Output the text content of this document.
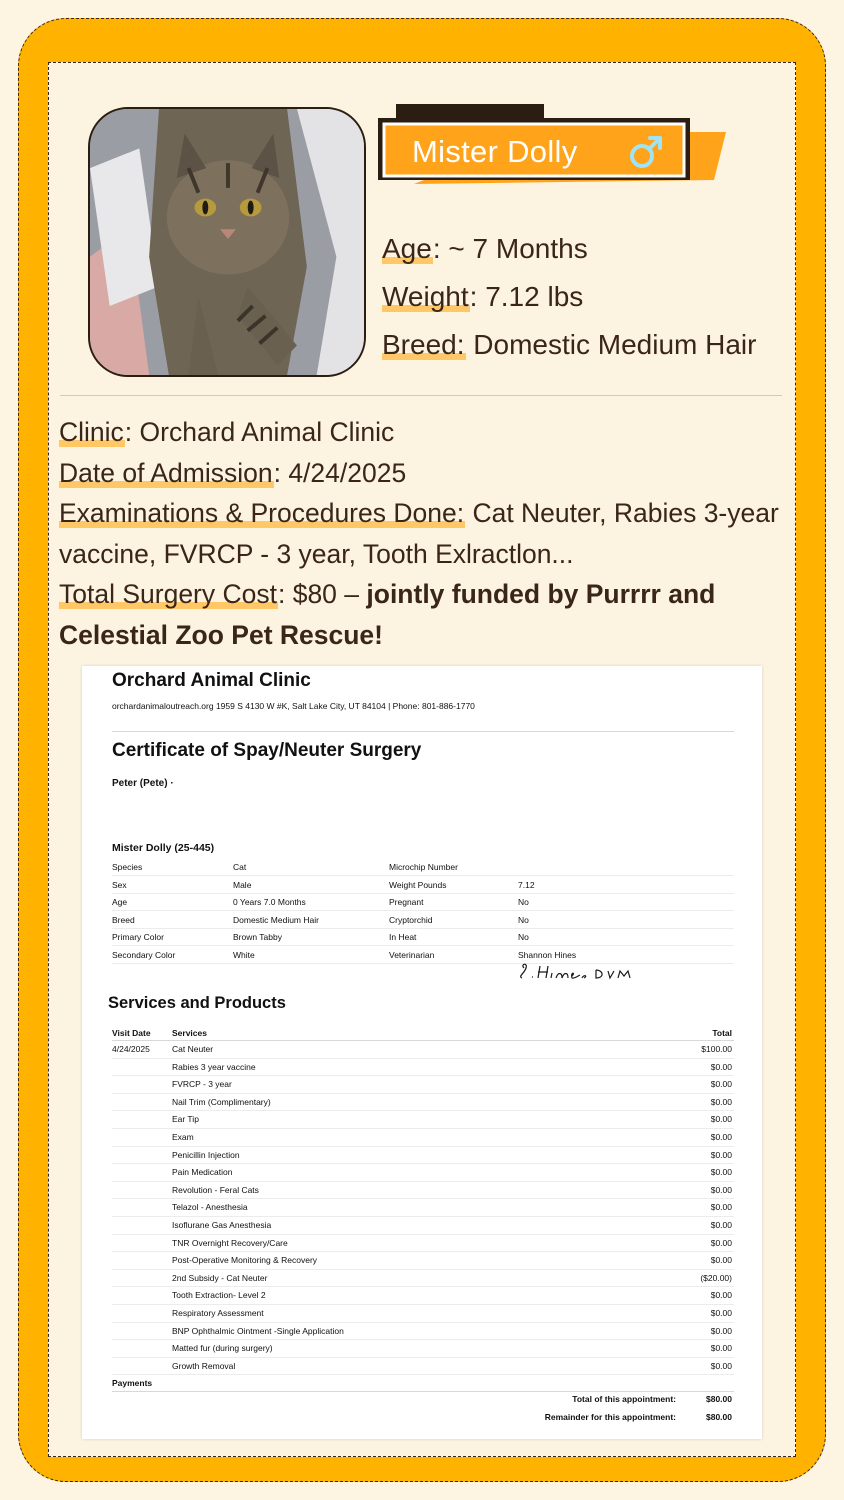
Mister Dolly
Age: ~ 7 Months
Weight: 7.12 lbs
Breed: Domestic Medium Hair
Clinic: Orchard Animal Clinic
Date of Admission: 4/24/2025
Examinations & Procedures Done: Cat Neuter, Rabies 3-year vaccine, FVRCP - 3 year, Tooth Exlractlon...
Total Surgery Cost: $80 – jointly funded by Purrrr and Celestial Zoo Pet Rescue!
Orchard Animal Clinic
orchardanimaloutreach.org 1959 S 4130 W #K, Salt Lake City, UT 84104 | Phone: 801-886-1770
Certificate of Spay/Neuter Surgery
Peter (Pete) ·
Mister Dolly (25-445)
Species	Cat	Microchip Number
Sex	Male	Weight Pounds	7.12
Age	0 Years 7.0 Months	Pregnant	No
Breed	Domestic Medium Hair	Cryptorchid	No
Primary Color	Brown Tabby	In Heat	No
Secondary Color	White	Veterinarian	Shannon Hines
Services and Products
Visit Date	Services	Total
4/24/2025	Cat Neuter	$100.00
Rabies 3 year vaccine	$0.00
FVRCP - 3 year	$0.00
Nail Trim (Complimentary)	$0.00
Ear Tip	$0.00
Exam	$0.00
Penicillin Injection	$0.00
Pain Medication	$0.00
Revolution - Feral Cats	$0.00
Telazol - Anesthesia	$0.00
Isoflurane Gas Anesthesia	$0.00
TNR Overnight Recovery/Care	$0.00
Post-Operative Monitoring & Recovery	$0.00
2nd Subsidy - Cat Neuter	($20.00)
Tooth Extraction- Level 2	$0.00
Respiratory Assessment	$0.00
BNP Ophthalmic Ointment -Single Application	$0.00
Matted fur (during surgery)	$0.00
Growth Removal	$0.00
Payments
Total of this appointment:	$80.00
Remainder for this appointment:	$80.00
